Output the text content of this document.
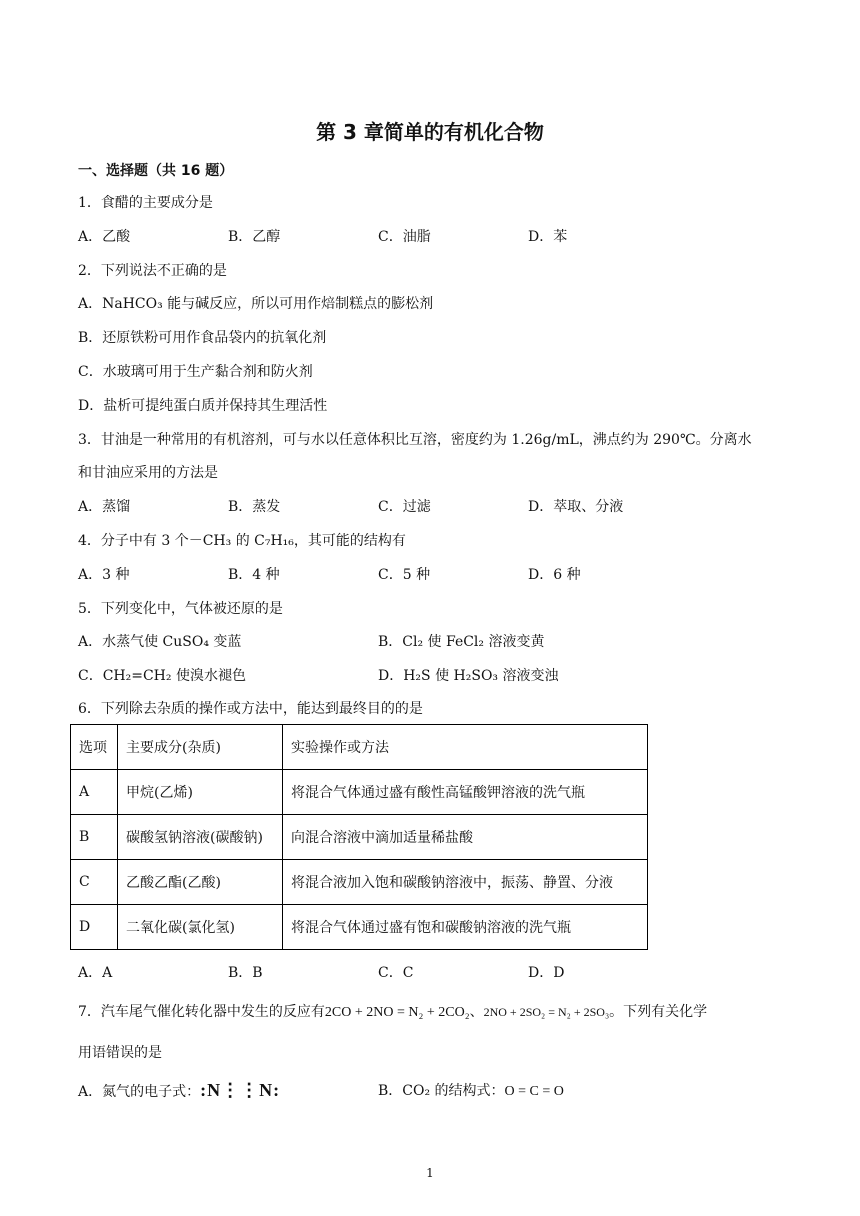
第 3 章简单的有机化合物
一、选择题（共 16 题）
1．食醋的主要成分是
A．乙酸	B．乙醇	C．油脂	D．苯
2．下列说法不正确的是
A．NaHCO₃ 能与碱反应，所以可用作焙制糕点的膨松剂
B．还原铁粉可用作食品袋内的抗氧化剂
C．水玻璃可用于生产黏合剂和防火剂
D．盐析可提纯蛋白质并保持其生理活性
3．甘油是一种常用的有机溶剂，可与水以任意体积比互溶，密度约为 1.26g/mL，沸点约为 290℃。分离水
和甘油应采用的方法是
A．蒸馏	B．蒸发	C．过滤	D．萃取、分液
4．分子中有 3 个－CH₃ 的 C₇H₁₆，其可能的结构有
A．3 种	B．4 种	C．5 种	D．6 种
5．下列变化中，气体被还原的是
A．水蒸气使 CuSO₄ 变蓝	B．Cl₂ 使 FeCl₂ 溶液变黄
C．CH₂=CH₂ 使溴水褪色	D．H₂S 使 H₂SO₃ 溶液变浊
6．下列除去杂质的操作或方法中，能达到最终目的的是
选项	主要成分(杂质)	实验操作或方法
A	甲烷(乙烯)	将混合气体通过盛有酸性高锰酸钾溶液的洗气瓶
B	碳酸氢钠溶液(碳酸钠)	向混合溶液中滴加适量稀盐酸
C	乙酸乙酯(乙酸)	将混合液加入饱和碳酸钠溶液中，振荡、静置、分液
D	二氧化碳(氯化氢)	将混合气体通过盛有饱和碳酸钠溶液的洗气瓶
A．A	B．B	C．C	D．D
7．汽车尾气催化转化器中发生的反应有2CO + 2NO = N₂ + 2CO₂、2NO + 2SO₂ = N₂ + 2SO₃。下列有关化学
用语错误的是
A．氮气的电子式：:N⋮⋮N:	B．CO₂ 的结构式：O = C = O
1
